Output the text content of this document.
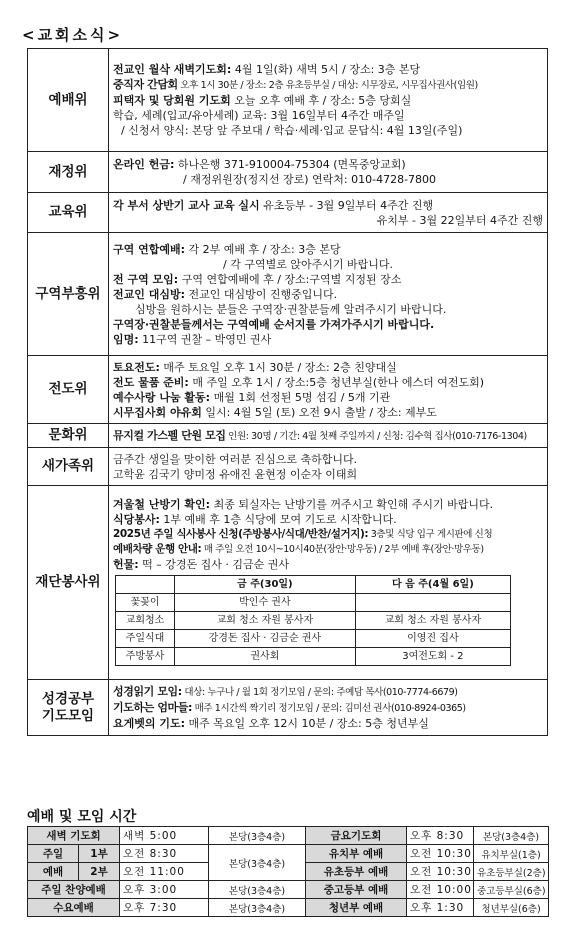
<교회소식>
예배위	
전교인 월삭 새벽기도회: 4월 1일(화) 새벽 5시 / 장소: 3층 본당
중직자 간담회 오후 1시 30분 / 장소: 2층 유초등부실 / 대상: 시무장로, 시무집사권사(임원)
피택자 및 당회원 기도회 오늘 오후 예배 후 / 장소: 5층 당회실
학습, 세례(입교/유아세례) 교육: 3월 16일부터 4주간 매주일
/ 신청서 양식: 본당 앞 주보대 / 학습·세례·입교 문답식: 4월 13일(주일)

재정위	온라인 헌금: 하나은행 371-910004-75304 (면목중앙교회)
/ 재정위원장(정지선 장로) 연락처: 010-4728-7800

교육위	각 부서 상반기 교사 교육 실시 유초등부 - 3월 9일부터 4주간 진행
유치부 - 3월 22일부터 4주간 진행

구역부흥위	
구역 연합예배: 각 2부 예배 후 / 장소: 3층 본당
/ 각 구역별로 앉아주시기 바랍니다.
전 구역 모임: 구역 연합예배에 후 / 장소:구역별 지정된 장소
전교인 대심방: 전교인 대심방이 진행중입니다.
심방을 원하시는 분들은 구역장·권찰분들께 알려주시기 바랍니다.
구역장·권찰분들께서는 구역예배 순서지를 가져가주시기 바랍니다.
임명: 11구역 권찰 – 박영민 권사

전도위	
토요전도: 매주 토요일 오후 1시 30분 / 장소: 2층 친양대실
전도 물품 준비: 매 주일 오후 1시 / 장소:5층 청년부실(한나 에스더 여전도회)
예수사랑 나눔 활동: 매월 1회 선정된 5명 섬김 / 5개 기관
시무집사회 야유회 일시: 4월 5일 (토) 오전 9시 출발 / 장소: 제부도

문화위	뮤지컬 가스펠 단원 모집 인원: 30명 / 기간: 4월 첫째 주일까지 / 신청: 김수혁 집사(010-7176-1304)

새가족위	금주간 생일을 맞이한 여러분 진심으로 축하합니다.
고학윤 김국기 양미정 유애진 윤현정 이순자 이태희

재단봉사위	
겨울철 난방기 확인: 최종 퇴실자는 난방기를 꺼주시고 확인해 주시기 바랍니다.
식당봉사: 1부 예배 후 1층 식당에 모여 기도로 시작합니다.
2025년 주일 식사봉사 신청(주방봉사/식대/반찬/설거지): 3층및 식당 입구 게시판에 신청
예배차량 운행 안내: 매 주일 오전 10시~10시40분(장안·망우동) / 2부 예배 후(장안·망우동)
헌물: 떡 – 강경돈 집사 · 김금순 권사
	금 주(30일)	다 음 주(4월 6일)
꽃꽂이	박인수 권사	
교회청소	교회 청소 자원 봉사자	교회 청소 자원 봉사자
주일식대	강경돈 집사 · 김금순 권사	이영진 집사
주방봉사	권사회	3여전도회 - 2

성경공부
기도모임

성경읽기 모임: 대상: 누구나 / 월 1회 정기모임 / 문의: 주예담 목사(010-7774-6679)
기도하는 엄마들: 매주 1시간씩 짝기리 정기모임 / 문의: 김미선 권사(010-8924-0365)
요게벳의 기도: 매주 목요일 오후 12시 10분 / 장소: 5층 청년부실
예배 및 모임 시간
새벽 기도회		새벽 5:00	본당(3층4층)	금요기도회	오후 8:30	본당(3층4층)
주일	1부	오전 8:30	본당(3층4층)	유치부 예배	오전 10:30	유치부실(1층)
예배	2부	오전 11:00		유초등부 예배	오전 10:30	유초등부실(2층)
주일 찬양예배		오후 3:00	본당(3층4층)	중고등부 예배	오전 10:00	중고등부실(6층)
수요예배		오후 7:30	본당(3층4층)	청년부 예배	오후 1:30	청년부실(6층)
